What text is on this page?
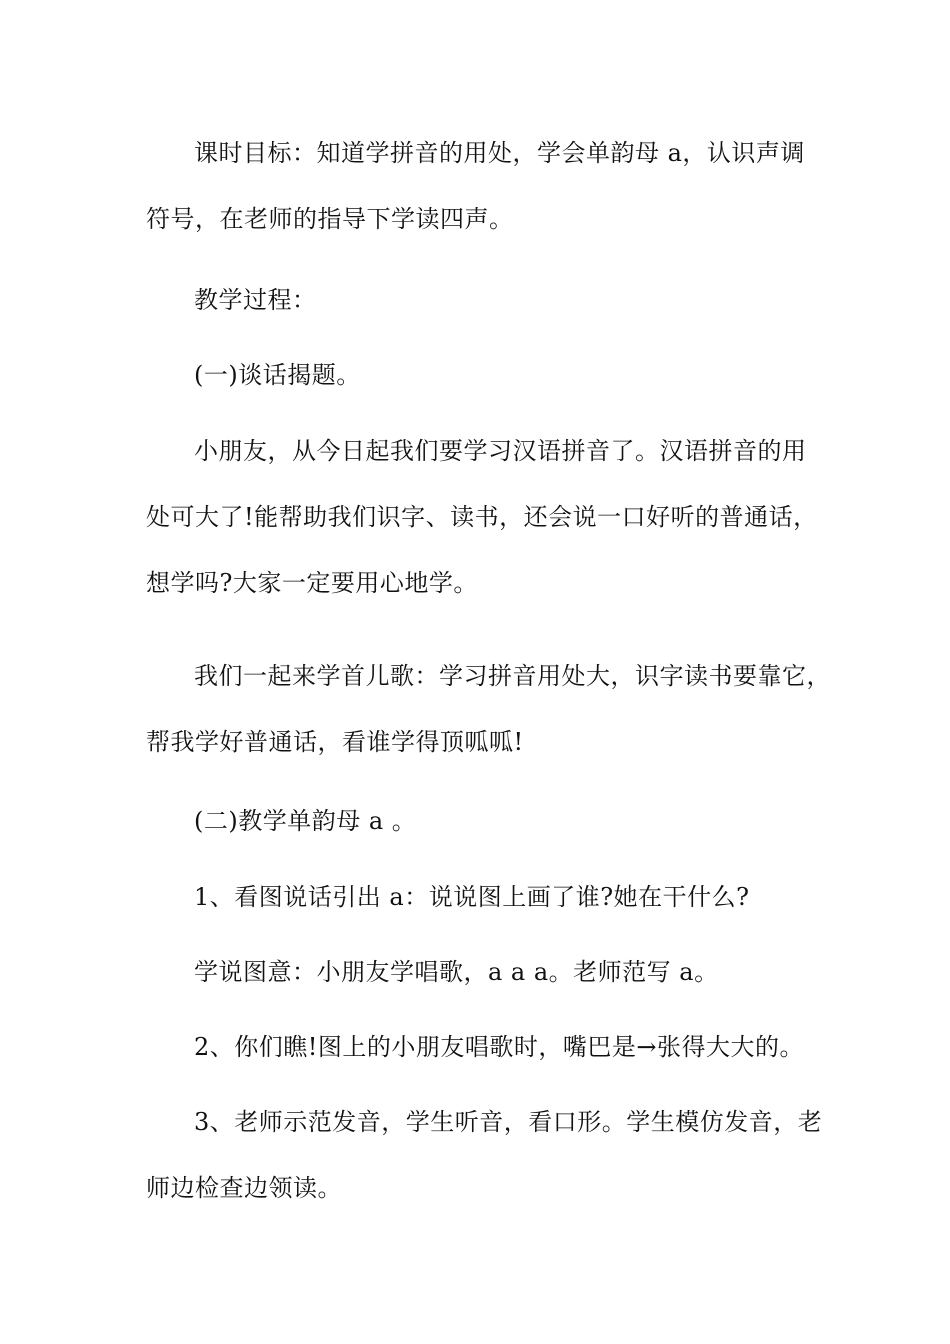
课时目标：知道学拼音的用处，学会单韵母 a，认识声调
符号，在老师的指导下学读四声。

教学过程：

(一)谈话揭题。

小朋友，从今日起我们要学习汉语拼音了。汉语拼音的用
处可大了!能帮助我们识字、读书，还会说一口好听的普通话，
想学吗?大家一定要用心地学。

我们一起来学首儿歌：学习拼音用处大，识字读书要靠它，
帮我学好普通话，看谁学得顶呱呱!

(二)教学单韵母 a 。

1、看图说话引出 a：说说图上画了谁?她在干什么?

学说图意：小朋友学唱歌，a a a。老师范写 a。

2、你们瞧!图上的小朋友唱歌时，嘴巴是→张得大大的。

3、老师示范发音，学生听音，看口形。学生模仿发音，老
师边检查边领读。
